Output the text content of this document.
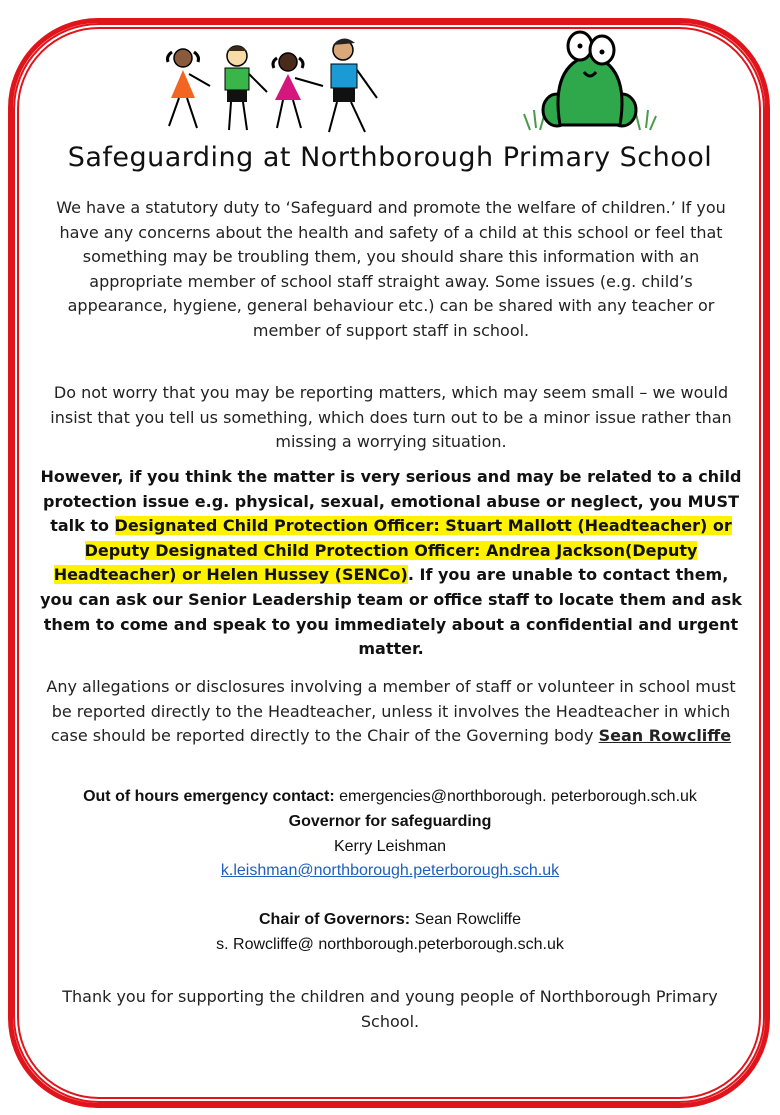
Safeguarding at Northborough Primary School
We have a statutory duty to ‘Safeguard and promote the welfare of children.’ If you have any concerns about the health and safety of a child at this school or feel that something may be troubling them, you should share this information with an appropriate member of school staff straight away. Some issues (e.g. child’s appearance, hygiene, general behaviour etc.) can be shared with any teacher or member of support staff in school.
Do not worry that you may be reporting matters, which may seem small – we would insist that you tell us something, which does turn out to be a minor issue rather than missing a worrying situation.
However, if you think the matter is very serious and may be related to a child protection issue e.g. physical, sexual, emotional abuse or neglect, you MUST talk to Designated Child Protection Officer: Stuart Mallott (Headteacher) or Deputy Designated Child Protection Officer: Andrea Jackson(Deputy Headteacher) or Helen Hussey (SENCo). If you are unable to contact them, you can ask our Senior Leadership team or office staff to locate them and ask them to come and speak to you immediately about a confidential and urgent matter.
Any allegations or disclosures involving a member of staff or volunteer in school must be reported directly to the Headteacher, unless it involves the Headteacher in which case should be reported directly to the Chair of the Governing body Sean Rowcliffe
Out of hours emergency contact: emergencies@northborough. peterborough.sch.uk
Governor for safeguarding
Kerry Leishman
k.leishman@northborough.peterborough.sch.uk
Chair of Governors: Sean Rowcliffe
s. Rowcliffe@ northborough.peterborough.sch.uk
Thank you for supporting the children and young people of Northborough Primary School.
